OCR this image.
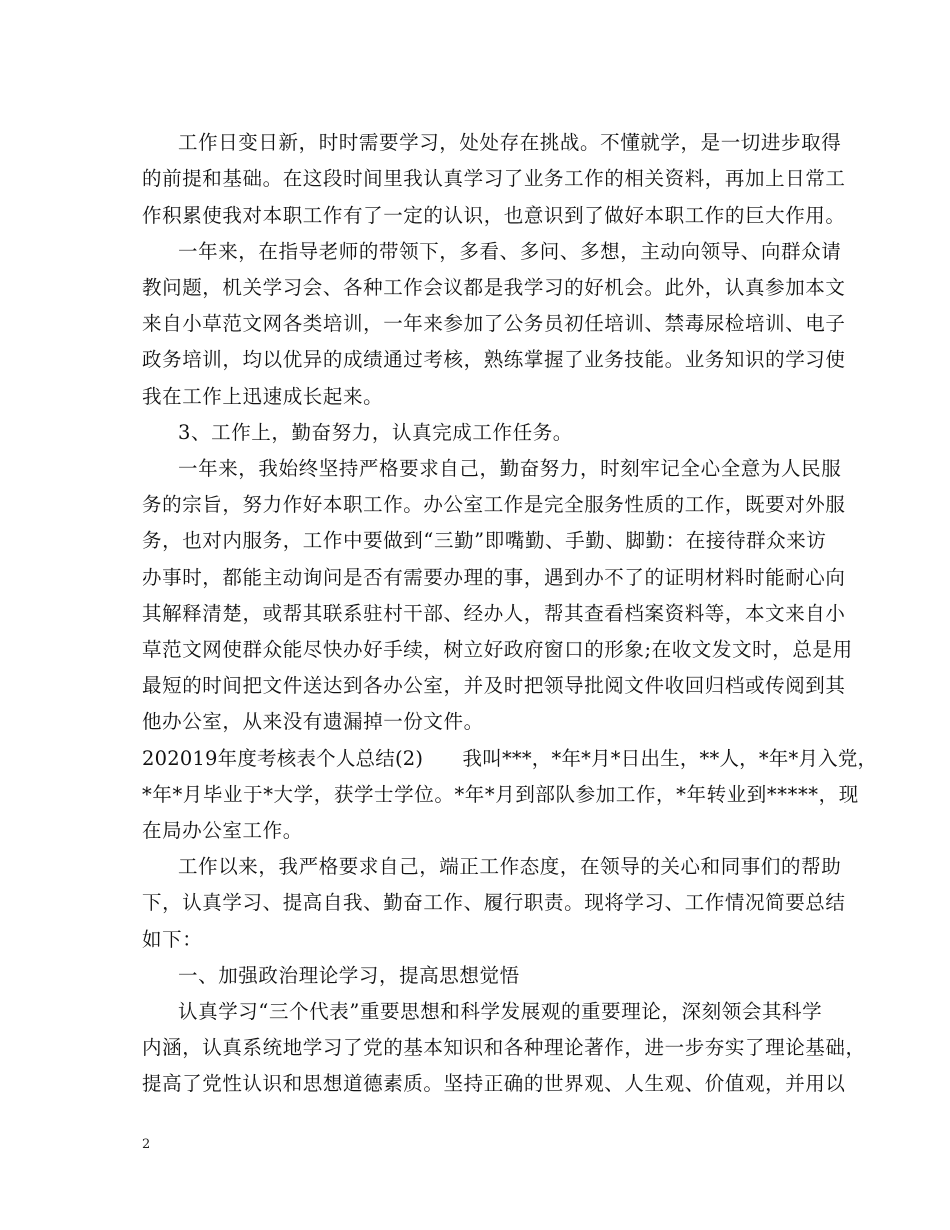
工作日变日新，时时需要学习，处处存在挑战。不懂就学，是一切进步取得
的前提和基础。在这段时间里我认真学习了业务工作的相关资料，再加上日常工
作积累使我对本职工作有了一定的认识，也意识到了做好本职工作的巨大作用。
一年来，在指导老师的带领下，多看、多问、多想，主动向领导、向群众请
教问题，机关学习会、各种工作会议都是我学习的好机会。此外，认真参加本文
来自小草范文网各类培训，一年来参加了公务员初任培训、禁毒尿检培训、电子
政务培训，均以优异的成绩通过考核，熟练掌握了业务技能。业务知识的学习使
我在工作上迅速成长起来。
3、工作上，勤奋努力，认真完成工作任务。
一年来，我始终坚持严格要求自己，勤奋努力，时刻牢记全心全意为人民服
务的宗旨，努力作好本职工作。办公室工作是完全服务性质的工作，既要对外服
务，也对内服务，工作中要做到“三勤”即嘴勤、手勤、脚勤：在接待群众来访
办事时，都能主动询问是否有需要办理的事，遇到办不了的证明材料时能耐心向
其解释清楚，或帮其联系驻村干部、经办人，帮其查看档案资料等，本文来自小
草范文网使群众能尽快办好手续，树立好政府窗口的形象;在收文发文时，总是用
最短的时间把文件送达到各办公室，并及时把领导批阅文件收回归档或传阅到其
他办公室，从来没有遗漏掉一份文件。
202019年度考核表个人总结(2)　　我叫***，*年*月*日出生，**人，*年*月入党，
*年*月毕业于*大学，获学士学位。*年*月到部队参加工作，*年转业到*****，现
在局办公室工作。
工作以来，我严格要求自己，端正工作态度，在领导的关心和同事们的帮助
下，认真学习、提高自我、勤奋工作、履行职责。现将学习、工作情况简要总结
如下：
一、加强政治理论学习，提高思想觉悟
认真学习“三个代表”重要思想和科学发展观的重要理论，深刻领会其科学
内涵，认真系统地学习了党的基本知识和各种理论著作，进一步夯实了理论基础，
提高了党性认识和思想道德素质。坚持正确的世界观、人生观、价值观，并用以
2
